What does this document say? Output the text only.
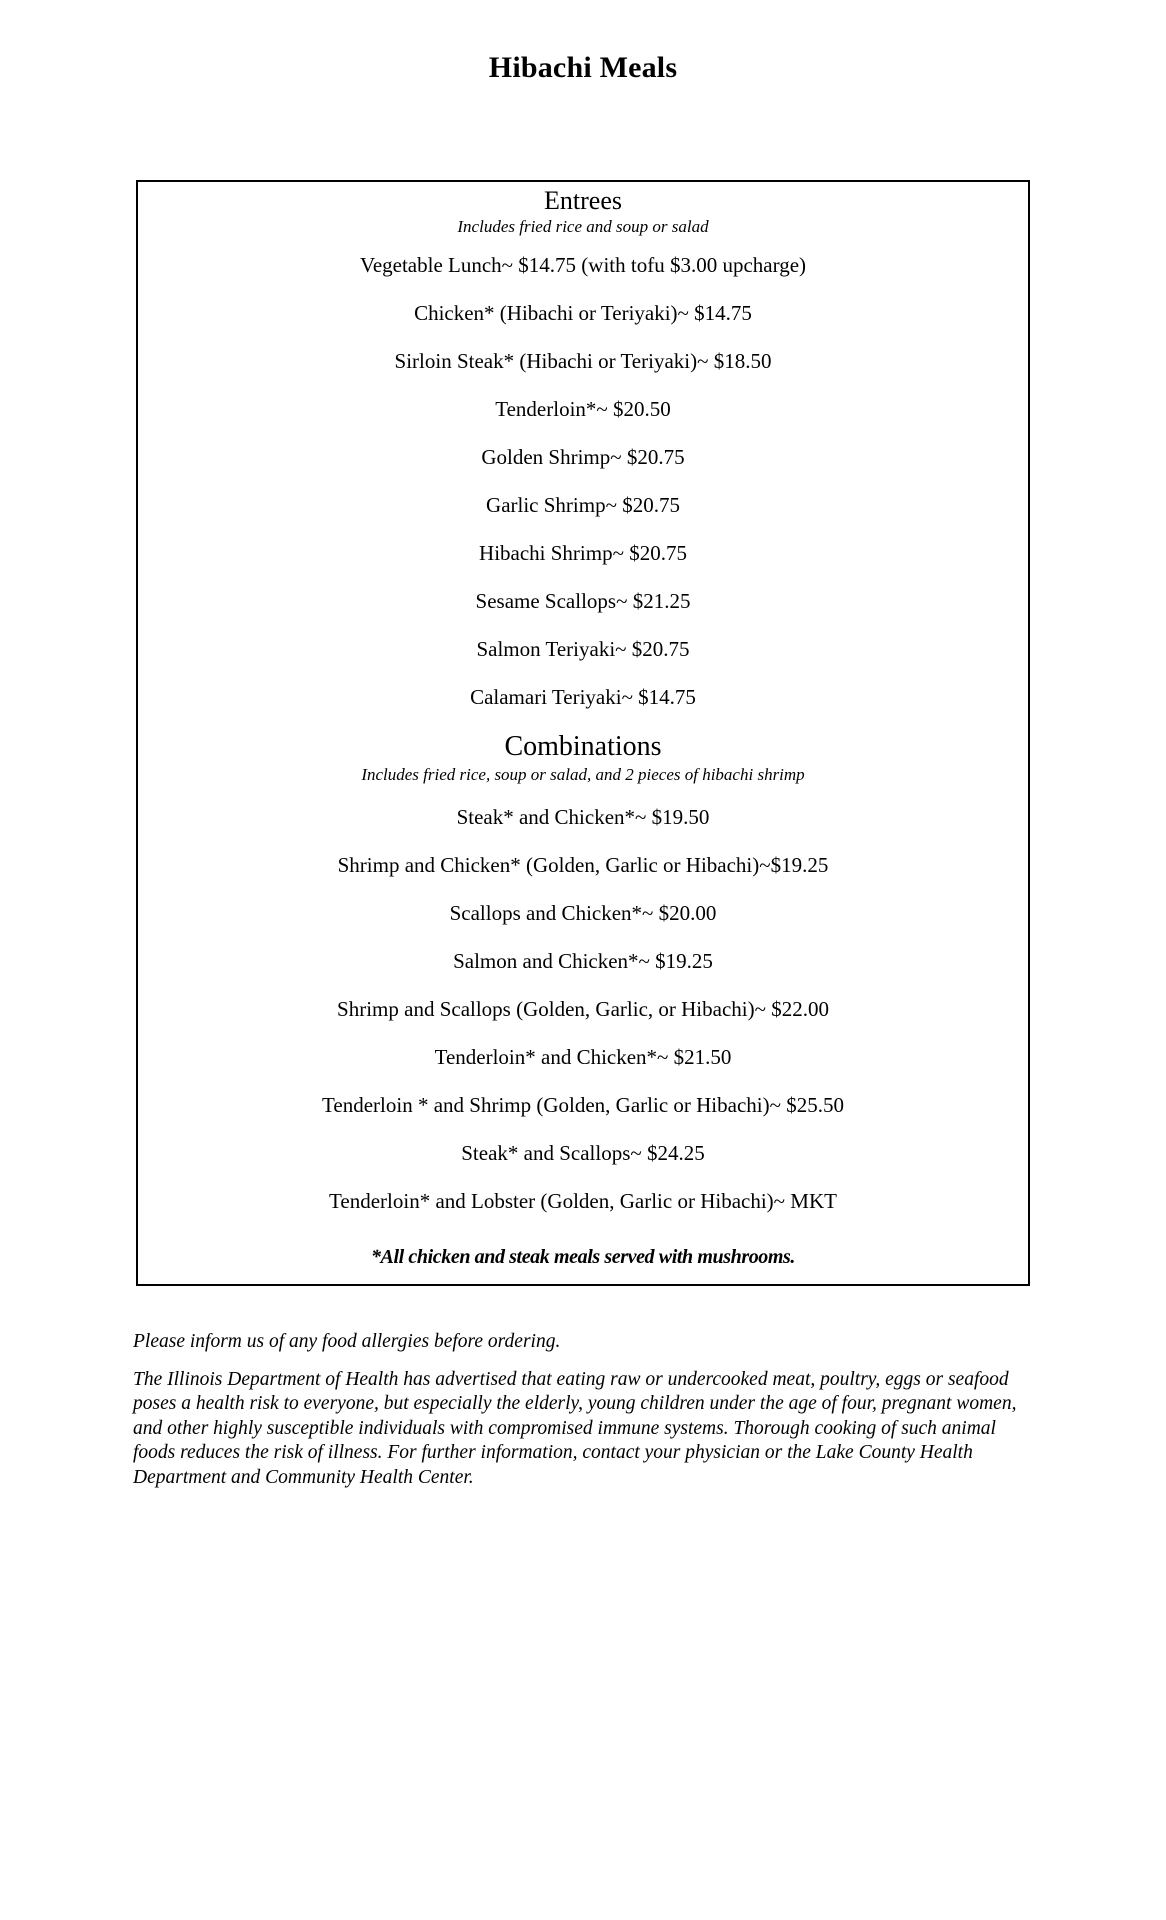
Hibachi Meals
Entrees
Includes fried rice and soup or salad
Vegetable Lunch~ $14.75 (with tofu $3.00 upcharge)
Chicken* (Hibachi or Teriyaki)~ $14.75
Sirloin Steak* (Hibachi or Teriyaki)~ $18.50
Tenderloin*~ $20.50
Golden Shrimp~ $20.75
Garlic Shrimp~ $20.75
Hibachi Shrimp~ $20.75
Sesame Scallops~ $21.25
Salmon Teriyaki~ $20.75
Calamari Teriyaki~ $14.75
Combinations
Includes fried rice, soup or salad, and 2 pieces of hibachi shrimp
Steak* and Chicken*~ $19.50
Shrimp and Chicken* (Golden, Garlic or Hibachi)~$19.25
Scallops and Chicken*~ $20.00
Salmon and Chicken*~ $19.25
Shrimp and Scallops (Golden, Garlic, or Hibachi)~ $22.00
Tenderloin* and Chicken*~ $21.50
Tenderloin * and Shrimp (Golden, Garlic or Hibachi)~ $25.50
Steak* and Scallops~ $24.25
Tenderloin* and Lobster (Golden, Garlic or Hibachi)~ MKT
*All chicken and steak meals served with mushrooms.

Please inform us of any food allergies before ordering.

The Illinois Department of Health has advertised that eating raw or undercooked meat, poultry, eggs or seafood poses a health risk to everyone, but especially the elderly, young children under the age of four, pregnant women, and other highly susceptible individuals with compromised immune systems. Thorough cooking of such animal foods reduces the risk of illness. For further information, contact your physician or the Lake County Health Department and Community Health Center.
